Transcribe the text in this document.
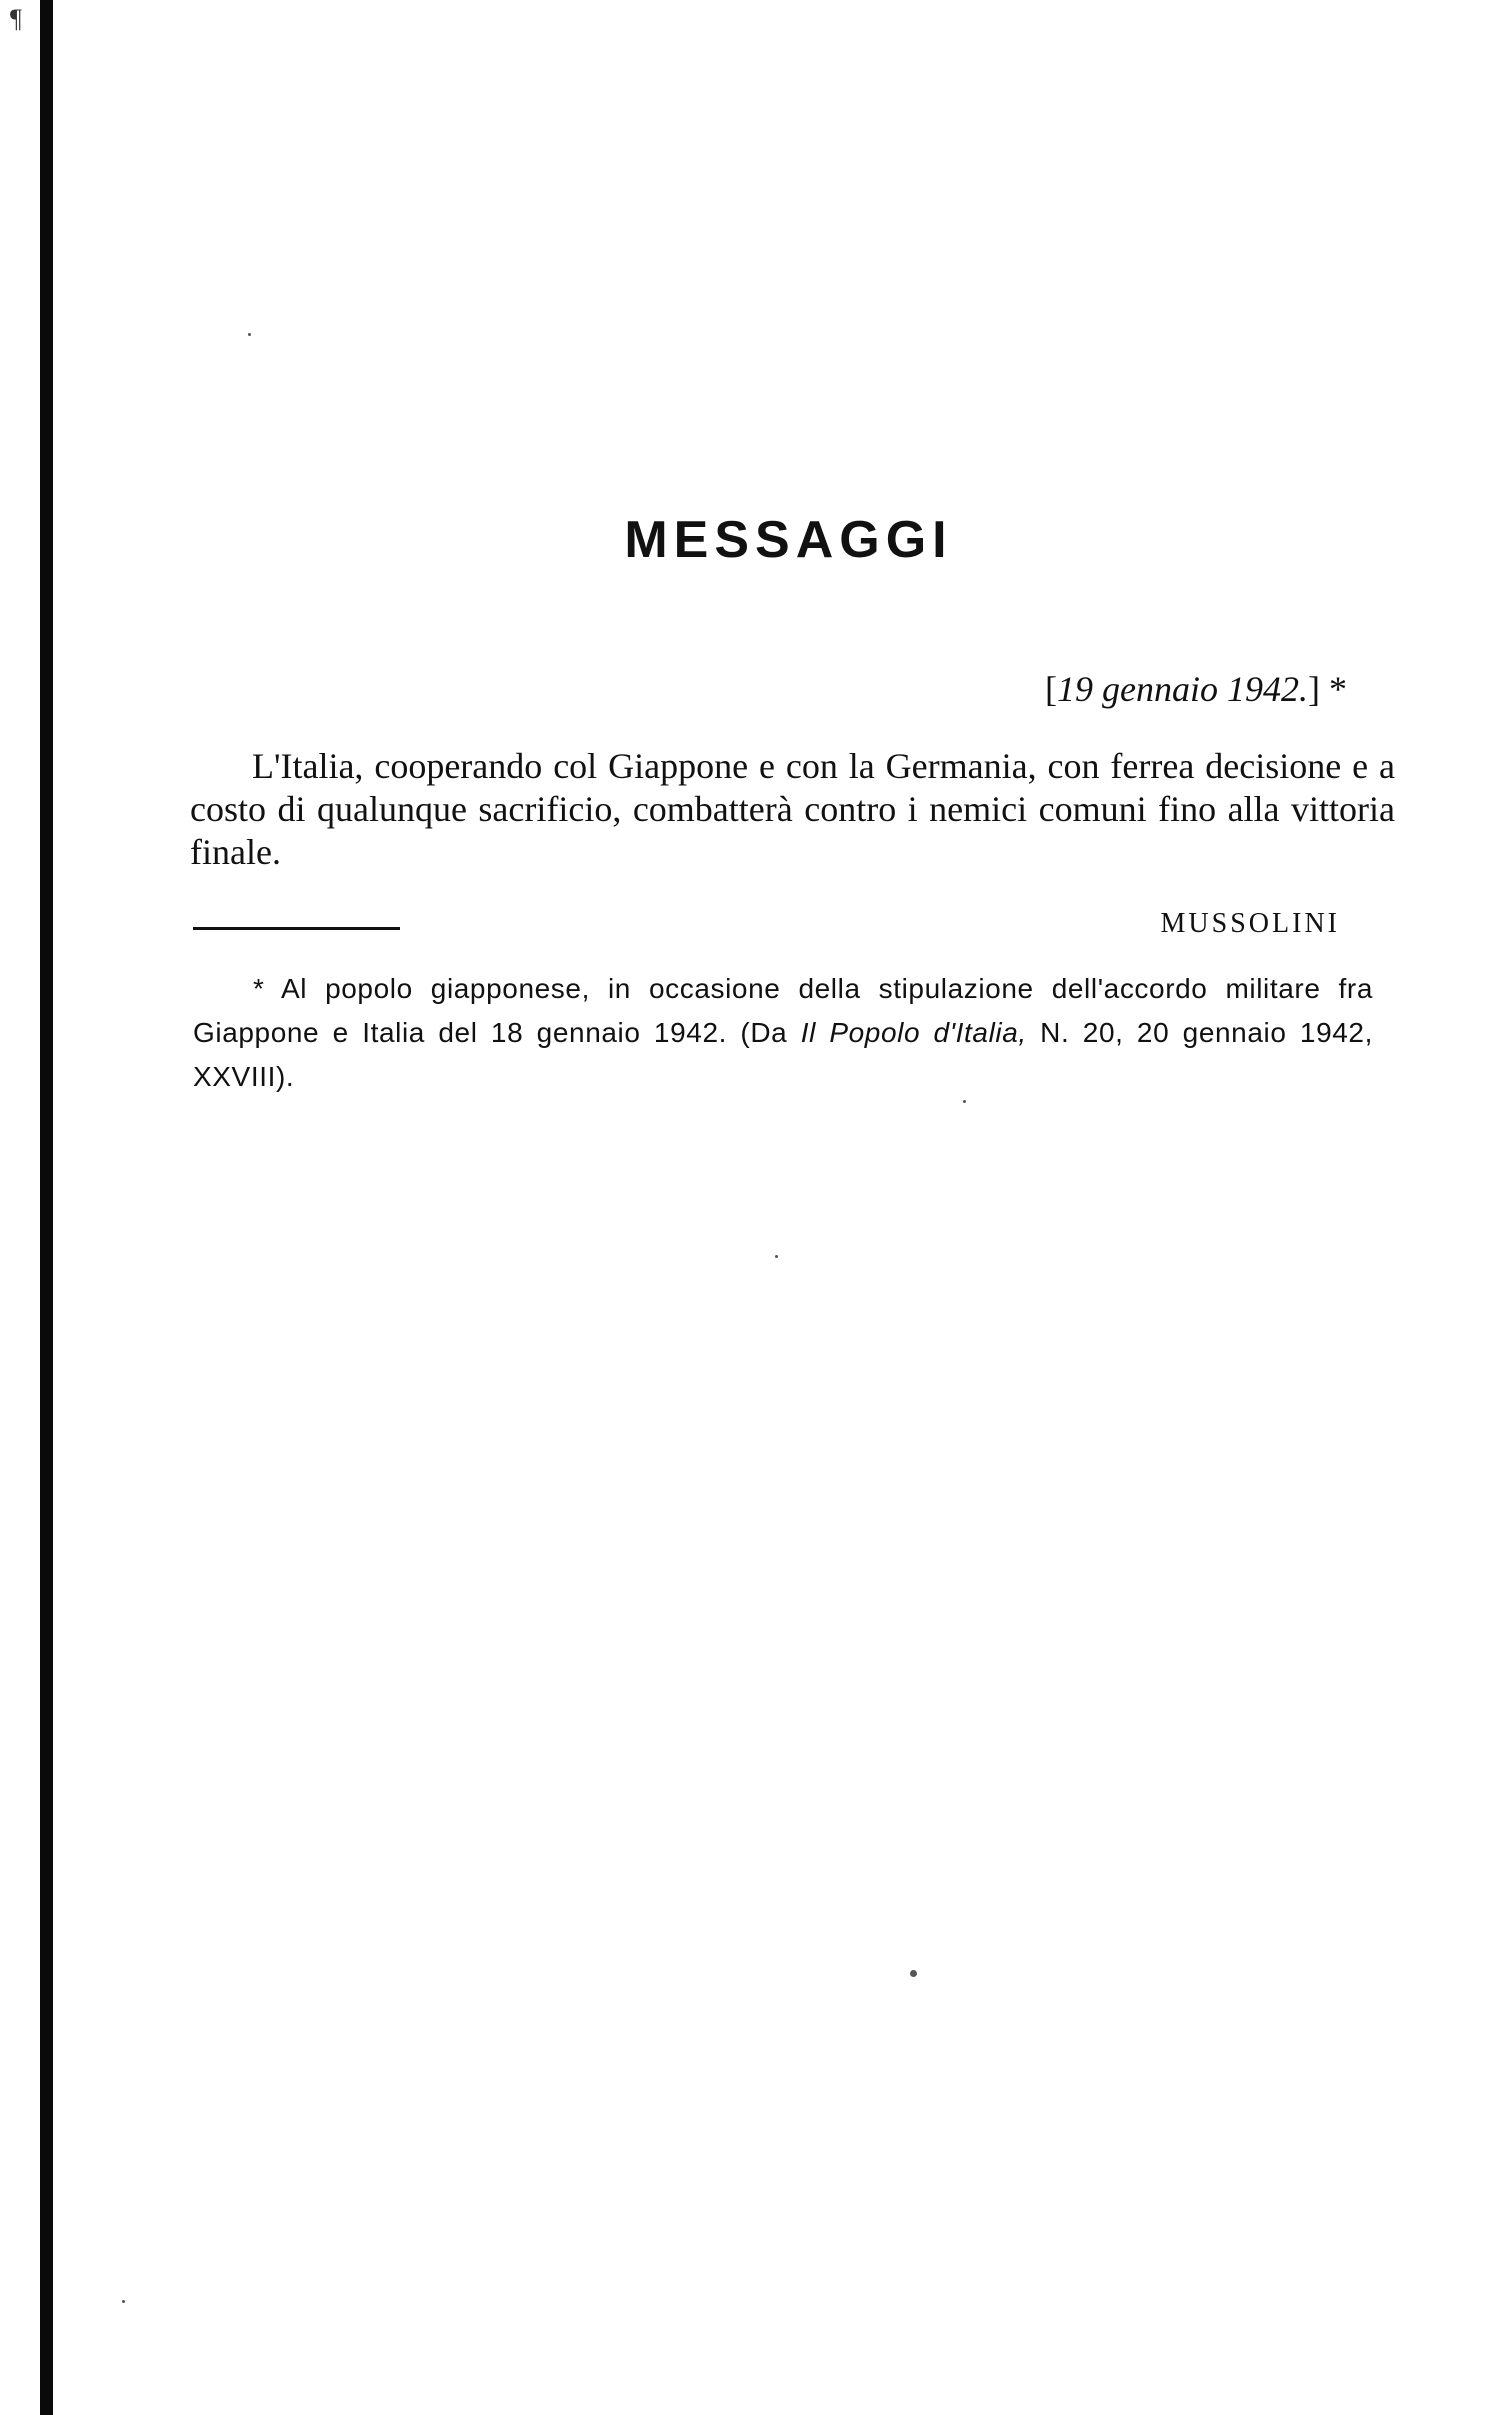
¶
MESSAGGI
[19 gennaio 1942.] *

L'Italia, cooperando col Giappone e con la Germania, con ferrea decisione e a costo di qualunque sacrificio, combatterà contro i nemici comuni fino alla vittoria finale.

MUSSOLINI

* Al popolo giapponese, in occasione della stipulazione dell'accordo militare fra Giappone e Italia del 18 gennaio 1942. (Da Il Popolo d'Italia, N. 20, 20 gennaio 1942, XXVIII).
